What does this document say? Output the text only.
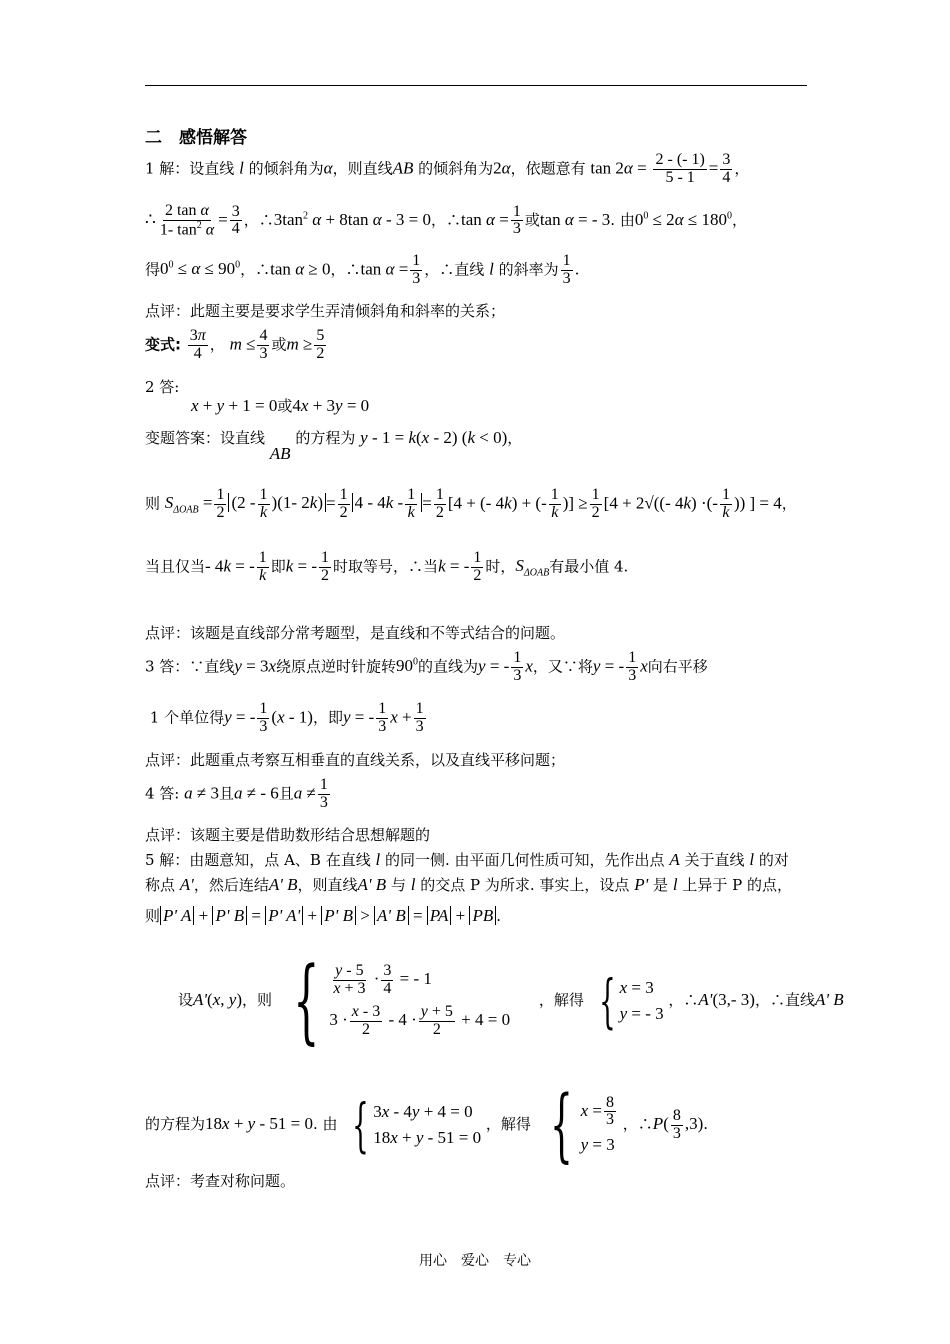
二　感悟解答
1 解：设直线 l 的倾斜角为α，则直线AB 的倾斜角为2α，依题意有 $\tan 2\alpha = \frac{2 - (- 1)}{5 - 1} = \frac{3}{4}$ ，
∴ $\frac{\text{2 tan α}}{1- \tan^2 \alpha} = \frac{3}{4}$ ，$\therefore 3\tan^2$ α + 8tan α - 3 = 0，∴tan $\alpha = \frac{1}{3}$ 或tan α = - 3. 由$0^0 \le 2\alpha \le 180^0$，
得$0^0 \le \alpha \le 90^0$，∴tan α ≥ 0，∴tan $\alpha = \frac{1}{3}$ ，∴直线 l 的斜率为 $\frac{1}{3}$ .
点评：此题主要是要求学生弄清倾斜角和斜率的关系；
变式: $\frac{3\pi}{4}$ ， $m \le \frac{4}{3}$ 或$m \ge \frac{5}{2}$
2 答:
x + y + 1 = 0或4x + 3y = 0
变题答案：设直线 AB 的方程为 y - 1 = k(x - 2) (k < 0)，
则 $S_{\Delta OAB} = \frac{1}{2} (2 - \frac{1}{k} )(1-$ $2k) = \frac{1}{2} 4 - 4k - \frac{1}{k} = \frac{1}{2} [4$ + (- 4k) + (- $\frac{1}{k}$ )] ≥ $\frac{1}{2} [4 + 2√((-$ 4k) ·(- $\frac{1}{k}$ )) ] = 4，
当且仅当- 4k = - $\frac{1}{k}$ 即k = - $\frac{1}{2}$ 时取等号，∴当k = - $\frac{1}{2}$ 时，$S_{\Delta OAB}$有最小值 4.
点评：该题是直线部分常考题型，是直线和不等式结合的问题。
3 答：∵直线y = 3x绕原点逆时针旋转$90^0$的直线为y = - $\frac{1}{3}$ x，又∵将y = - $\frac{1}{3}$ x向右平移
1 个单位得y = - $\frac{1}{3} (x - 1)$，即y = - $\frac{1}{3}$ $x + \frac{1}{3}$
点评：此题重点考察互相垂直的直线关系，以及直线平移问题；
4 答: a ≠ 3且a ≠ - 6且$a \ne \frac{1}{3}$
点评：该题主要是借助数形结合思想解题的
5 解：由题意知，点 A、B 在直线 l 的同一侧. 由平面几何性质可知，先作出点 A 关于直线 l 的对
称点 A'，然后连结A' B，则直线A' B 与 l 的交点 P 为所求. 事实上，设点 P' 是 l 上异于 P 的点，
则 P' A + P' B = P' A' + P' B > A' B = PA + PB .
设A'(x, y)，则 { $\frac{y - 5}{x + 3} \cdot \frac{3}{4}$ = - 1
$3 \cdot \frac{x - 3}{2} - 4 \cdot \frac{y + 5}{2} + 4 = 0$
，解得 { x = 3
y = - 3
，∴A'(3,- 3)，∴直线A' B
的方程为18x + y - 51 = 0. 由 { 3x - 4y + 4 = 0
18x + y - 51 = 0
，解得 { $x = \frac{8}{3}$
y = 3
，∴P( $\frac{8}{3} ,3$).
点评：考查对称问题。
用心　爱心　专心
